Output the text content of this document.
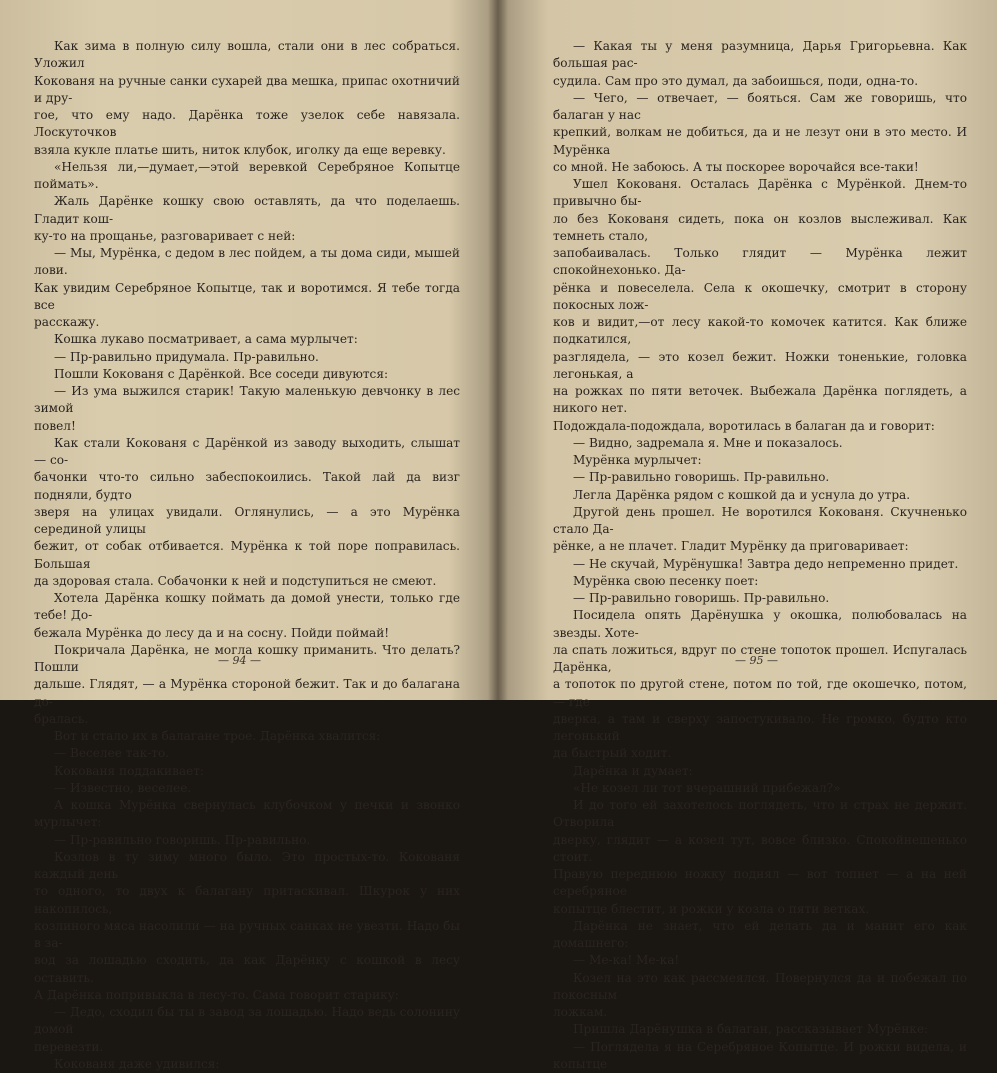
Как зима в полную силу вошла, стали они в лес собраться. Уложил

Кокованя на ручные санки сухарей два мешка, припас охотничий и дру-

гое, что ему надо. Дарёнка тоже узелок себе навязала. Лоскуточков

взяла кукле платье шить, ниток клубок, иголку да еще веревку.

«Нельзя ли,—думает,—этой веревкой Серебряное Копытце поймать».

Жаль Дарёнке кошку свою оставлять, да что поделаешь. Гладит кош-

ку-то на прощанье, разговаривает с ней:

— Мы, Мурёнка, с дедом в лес пойдем, а ты дома сиди, мышей лови.

Как увидим Серебряное Копытце, так и воротимся. Я тебе тогда все

расскажу.

Кошка лукаво посматривает, а сама мурлычет:

— Пр-равильно придумала. Пр-равильно.

Пошли Кокованя с Дарёнкой. Все соседи дивуются:

— Из ума выжился старик! Такую маленькую девчонку в лес зимой

повел!

Как стали Кокованя с Дарёнкой из заводу выходить, слышат — со-

бачонки что-то сильно забеспокоились. Такой лай да визг подняли, будто

зверя на улицах увидали. Оглянулись, — а это Мурёнка серединой улицы

бежит, от собак отбивается. Мурёнка к той поре поправилась. Большая

да здоровая стала. Собачонки к ней и подступиться не смеют.

Хотела Дарёнка кошку поймать да домой унести, только где тебе! До-

бежала Мурёнка до лесу да и на сосну. Пойди поймай!

Покричала Дарёнка, не могла кошку приманить. Что делать? Пошли

дальше. Глядят, — а Мурёнка стороной бежит. Так и до балагана до-

бралась.

Вот и стало их в балагане трое. Дарёнка хвалится:

— Веселее так-то.

Кокованя поддакивает:

— Известно, веселее.

А кошка Мурёнка свернулась клубочком у печки и звонко мурлычет:

— Пр-равильно говоришь. Пр-равильно.

Козлов в ту зиму много было. Это простых-то. Кокованя каждый день

то одного, то двух к балагану притаскивал. Шкурок у них накопилось,

козлиного мяса насолили — на ручных санках не увезти. Надо бы в за-

вод за лошадью сходить, да как Дарёнку с кошкой в лесу оставить.

А Дарёнка попривыкла в лесу-то. Сама говорит старику:

— Дедо, сходил бы ты в завод за лошадью. Надо ведь солонину домой

перевезти.

Кокованя даже удивился:

— 94 —

— Какая ты у меня разумница, Дарья Григорьевна. Как большая рас-

судила. Сам про это думал, да забоишься, поди, одна-то.

— Чего, — отвечает, — бояться. Сам же говоришь, что балаган у нас

крепкий, волкам не добиться, да и не лезут они в это место. И Мурёнка

со мной. Не забоюсь. А ты поскорее ворочайся все-таки!

Ушел Кокованя. Осталась Дарёнка с Мурёнкой. Днем-то привычно бы-

ло без Кокованя сидеть, пока он козлов выслеживал. Как темнеть стало,

запобаивалась. Только глядит — Мурёнка лежит спокойнехонько. Да-

рёнка и повеселела. Села к окошечку, смотрит в сторону покосных лож-

ков и видит,—от лесу какой-то комочек катится. Как ближе подкатился,

разглядела, — это козел бежит. Ножки тоненькие, головка легонькая, а

на рожках по пяти веточек. Выбежала Дарёнка поглядеть, а никого нет.

Подождала-подождала, воротилась в балаган да и говорит:

— Видно, задремала я. Мне и показалось.

Мурёнка мурлычет:

— Пр-равильно говоришь. Пр-равильно.

Легла Дарёнка рядом с кошкой да и уснула до утра.

Другой день прошел. Не воротился Кокованя. Скучненько стало Да-

рёнке, а не плачет. Гладит Мурёнку да приговаривает:

— Не скучай, Мурёнушка! Завтра дедо непременно придет.

Мурёнка свою песенку поет:

— Пр-равильно говоришь. Пр-равильно.

Посидела опять Дарёнушка у окошка, полюбовалась на звезды. Хоте-

ла спать ложиться, вдруг по стене топоток прошел. Испугалась Дарёнка,

а топоток по другой стене, потом по той, где окошечко, потом, — где

дверка, а там и сверху запостукивало. Не громко, будто кто легонький

да быстрый ходит.

Дарёнка и думает:

«Не козел ли тот вчерашний прибежал?»

И до того ей захотелось поглядеть, что и страх не держит. Отворила

дверку, глядит — а козел тут, вовсе близко. Спокойнешенько стоит.

Правую переднюю ножку поднял — вот топнет — а на ней серебряное

копытце блестит, и рожки у козла о пяти ветках.

Дарёнка не знает, что ей делать да и манит его как домашнего:

— Ме-ка! Ме-ка!

Козел на это как рассмеялся. Повернулся да и побежал по покосным

ложкам.

Пришла Дарёнушка в балаган, рассказывает Мурёнке:

— Поглядела я на Серебряное Копытце. И рожки видела, и копытце

— 95 —
